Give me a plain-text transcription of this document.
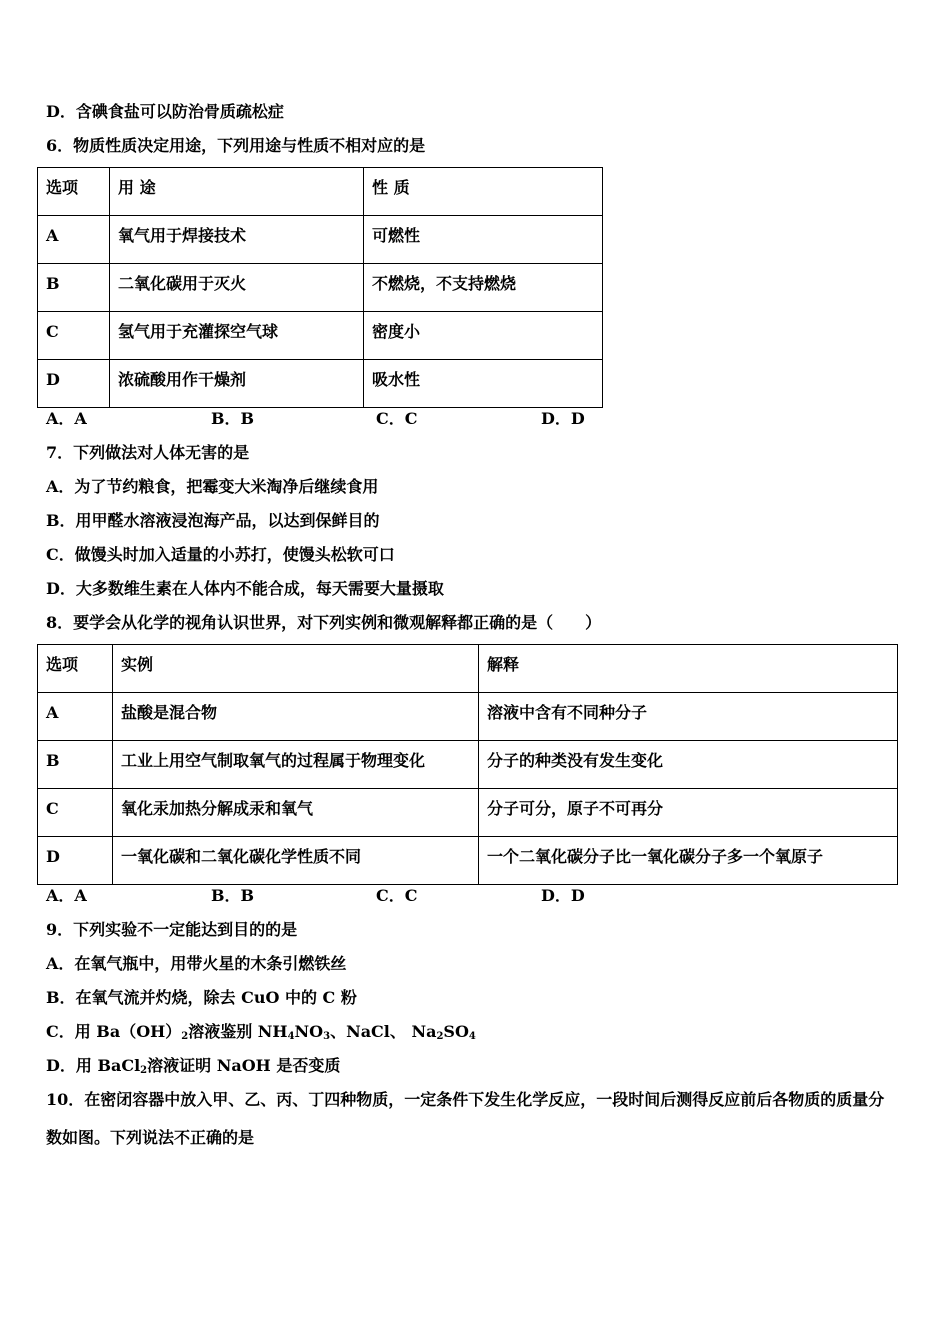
D．含碘食盐可以防治骨质疏松症
6．物质性质决定用途，下列用途与性质不相对应的是
选项	用 途	性 质
A	氧气用于焊接技术	可燃性
B	二氧化碳用于灭火	不燃烧，不支持燃烧
C	氢气用于充灌探空气球	密度小
D	浓硫酸用作干燥剂	吸水性
A．A	B．B	C．C	D．D
7．下列做法对人体无害的是
A．为了节约粮食，把霉变大米淘净后继续食用
B．用甲醛水溶液浸泡海产品，以达到保鲜目的
C．做馒头时加入适量的小苏打，使馒头松软可口
D．大多数维生素在人体内不能合成，每天需要大量摄取
8．要学会从化学的视角认识世界，对下列实例和微观解释都正确的是（　　）
选项	实例	解释
A	盐酸是混合物	溶液中含有不同种分子
B	工业上用空气制取氧气的过程属于物理变化	分子的种类没有发生变化
C	氧化汞加热分解成汞和氧气	分子可分，原子不可再分
D	一氧化碳和二氧化碳化学性质不同	一个二氧化碳分子比一氧化碳分子多一个氧原子
A．A	B．B	C．C	D．D
9．下列实验不一定能达到目的的是
A．在氧气瓶中，用带火星的木条引燃铁丝
B．在氧气流并灼烧，除去 CuO 中的 C 粉
C．用 $Ba(OH)_2$溶液鉴别 $NH_4NO_3$、NaCl、 $Na_2SO_4$
D．用 BaCl$_2$溶液证明 NaOH 是否变质
10．在密闭容器中放入甲、乙、丙、丁四种物质，一定条件下发生化学反应，一段时间后测得反应前后各物质的质量分
数如图。下列说法不正确的是
